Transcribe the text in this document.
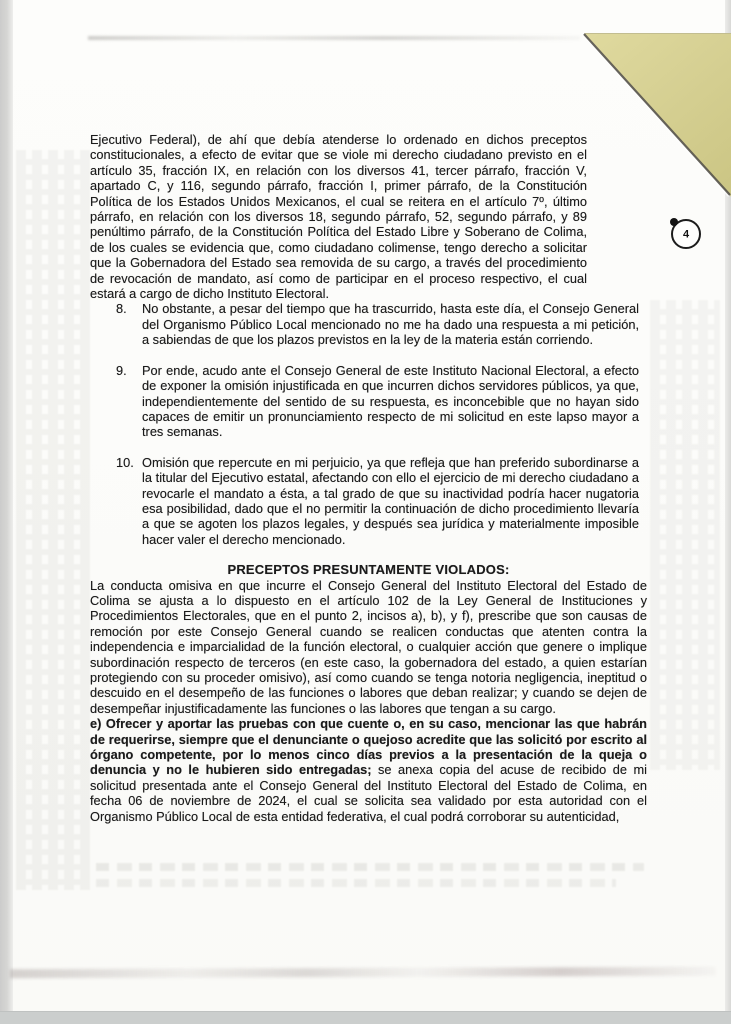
4

Ejecutivo Federal), de ahí que debía atenderse lo ordenado en dichos preceptos constitucionales, a efecto de evitar que se viole mi derecho ciudadano previsto en el artículo 35, fracción IX, en relación con los diversos 41, tercer párrafo, fracción V, apartado C, y 116, segundo párrafo, fracción I, primer párrafo, de la Constitución Política de los Estados Unidos Mexicanos, el cual se reitera en el artículo 7º, último párrafo, en relación con los diversos 18, segundo párrafo, 52, segundo párrafo, y 89 penúltimo párrafo, de la Constitución Política del Estado Libre y Soberano de Colima, de los cuales se evidencia que, como ciudadano colimense, tengo derecho a solicitar que la Gobernadora del Estado sea removida de su cargo, a través del procedimiento de revocación de mandato, así como de participar en el proceso respectivo, el cual estará a cargo de dicho Instituto Electoral.

8.	No obstante, a pesar del tiempo que ha trascurrido, hasta este día, el Consejo General del Organismo Público Local mencionado no me ha dado una respuesta a mi petición, a sabiendas de que los plazos previstos en la ley de la materia están corriendo.
9.	Por ende, acudo ante el Consejo General de este Instituto Nacional Electoral, a efecto de exponer la omisión injustificada en que incurren dichos servidores públicos, ya que, independientemente del sentido de su respuesta, es inconcebible que no hayan sido capaces de emitir un pronunciamiento respecto de mi solicitud en este lapso mayor a tres semanas.
10. Omisión que repercute en mi perjuicio, ya que refleja que han preferido subordinarse a la titular del Ejecutivo estatal, afectando con ello el ejercicio de mi derecho ciudadano a revocarle el mandato a ésta, a tal grado de que su inactividad podría hacer nugatoria esa posibilidad, dado que el no permitir la continuación de dicho procedimiento llevaría a que se agoten los plazos legales, y después sea jurídica y materialmente imposible hacer valer el derecho mencionado.

PRECEPTOS PRESUNTAMENTE VIOLADOS:

La conducta omisiva en que incurre el Consejo General del Instituto Electoral del Estado de Colima se ajusta a lo dispuesto en el artículo 102 de la Ley General de Instituciones y Procedimientos Electorales, que en el punto 2, incisos a), b), y f), prescribe que son causas de remoción por este Consejo General cuando se realicen conductas que atenten contra la independencia e imparcialidad de la función electoral, o cualquier acción que genere o implique subordinación respecto de terceros (en este caso, la gobernadora del estado, a quien estarían protegiendo con su proceder omisivo), así como cuando se tenga notoria negligencia, ineptitud o descuido en el desempeño de las funciones o labores que deban realizar; y cuando se dejen de desempeñar injustificadamente las funciones o las labores que tengan a su cargo.

e) Ofrecer y aportar las pruebas con que cuente o, en su caso, mencionar las que habrán de requerirse, siempre que el denunciante o quejoso acredite que las solicitó por escrito al órgano competente, por lo menos cinco días previos a la presentación de la queja o denuncia y no le hubieren sido entregadas; se anexa copia del acuse de recibido de mi solicitud presentada ante el Consejo General del Instituto Electoral del Estado de Colima, en fecha 06 de noviembre de 2024, el cual se solicita sea validado por esta autoridad con el Organismo Público Local de esta entidad federativa, el cual podrá corroborar su autenticidad,
